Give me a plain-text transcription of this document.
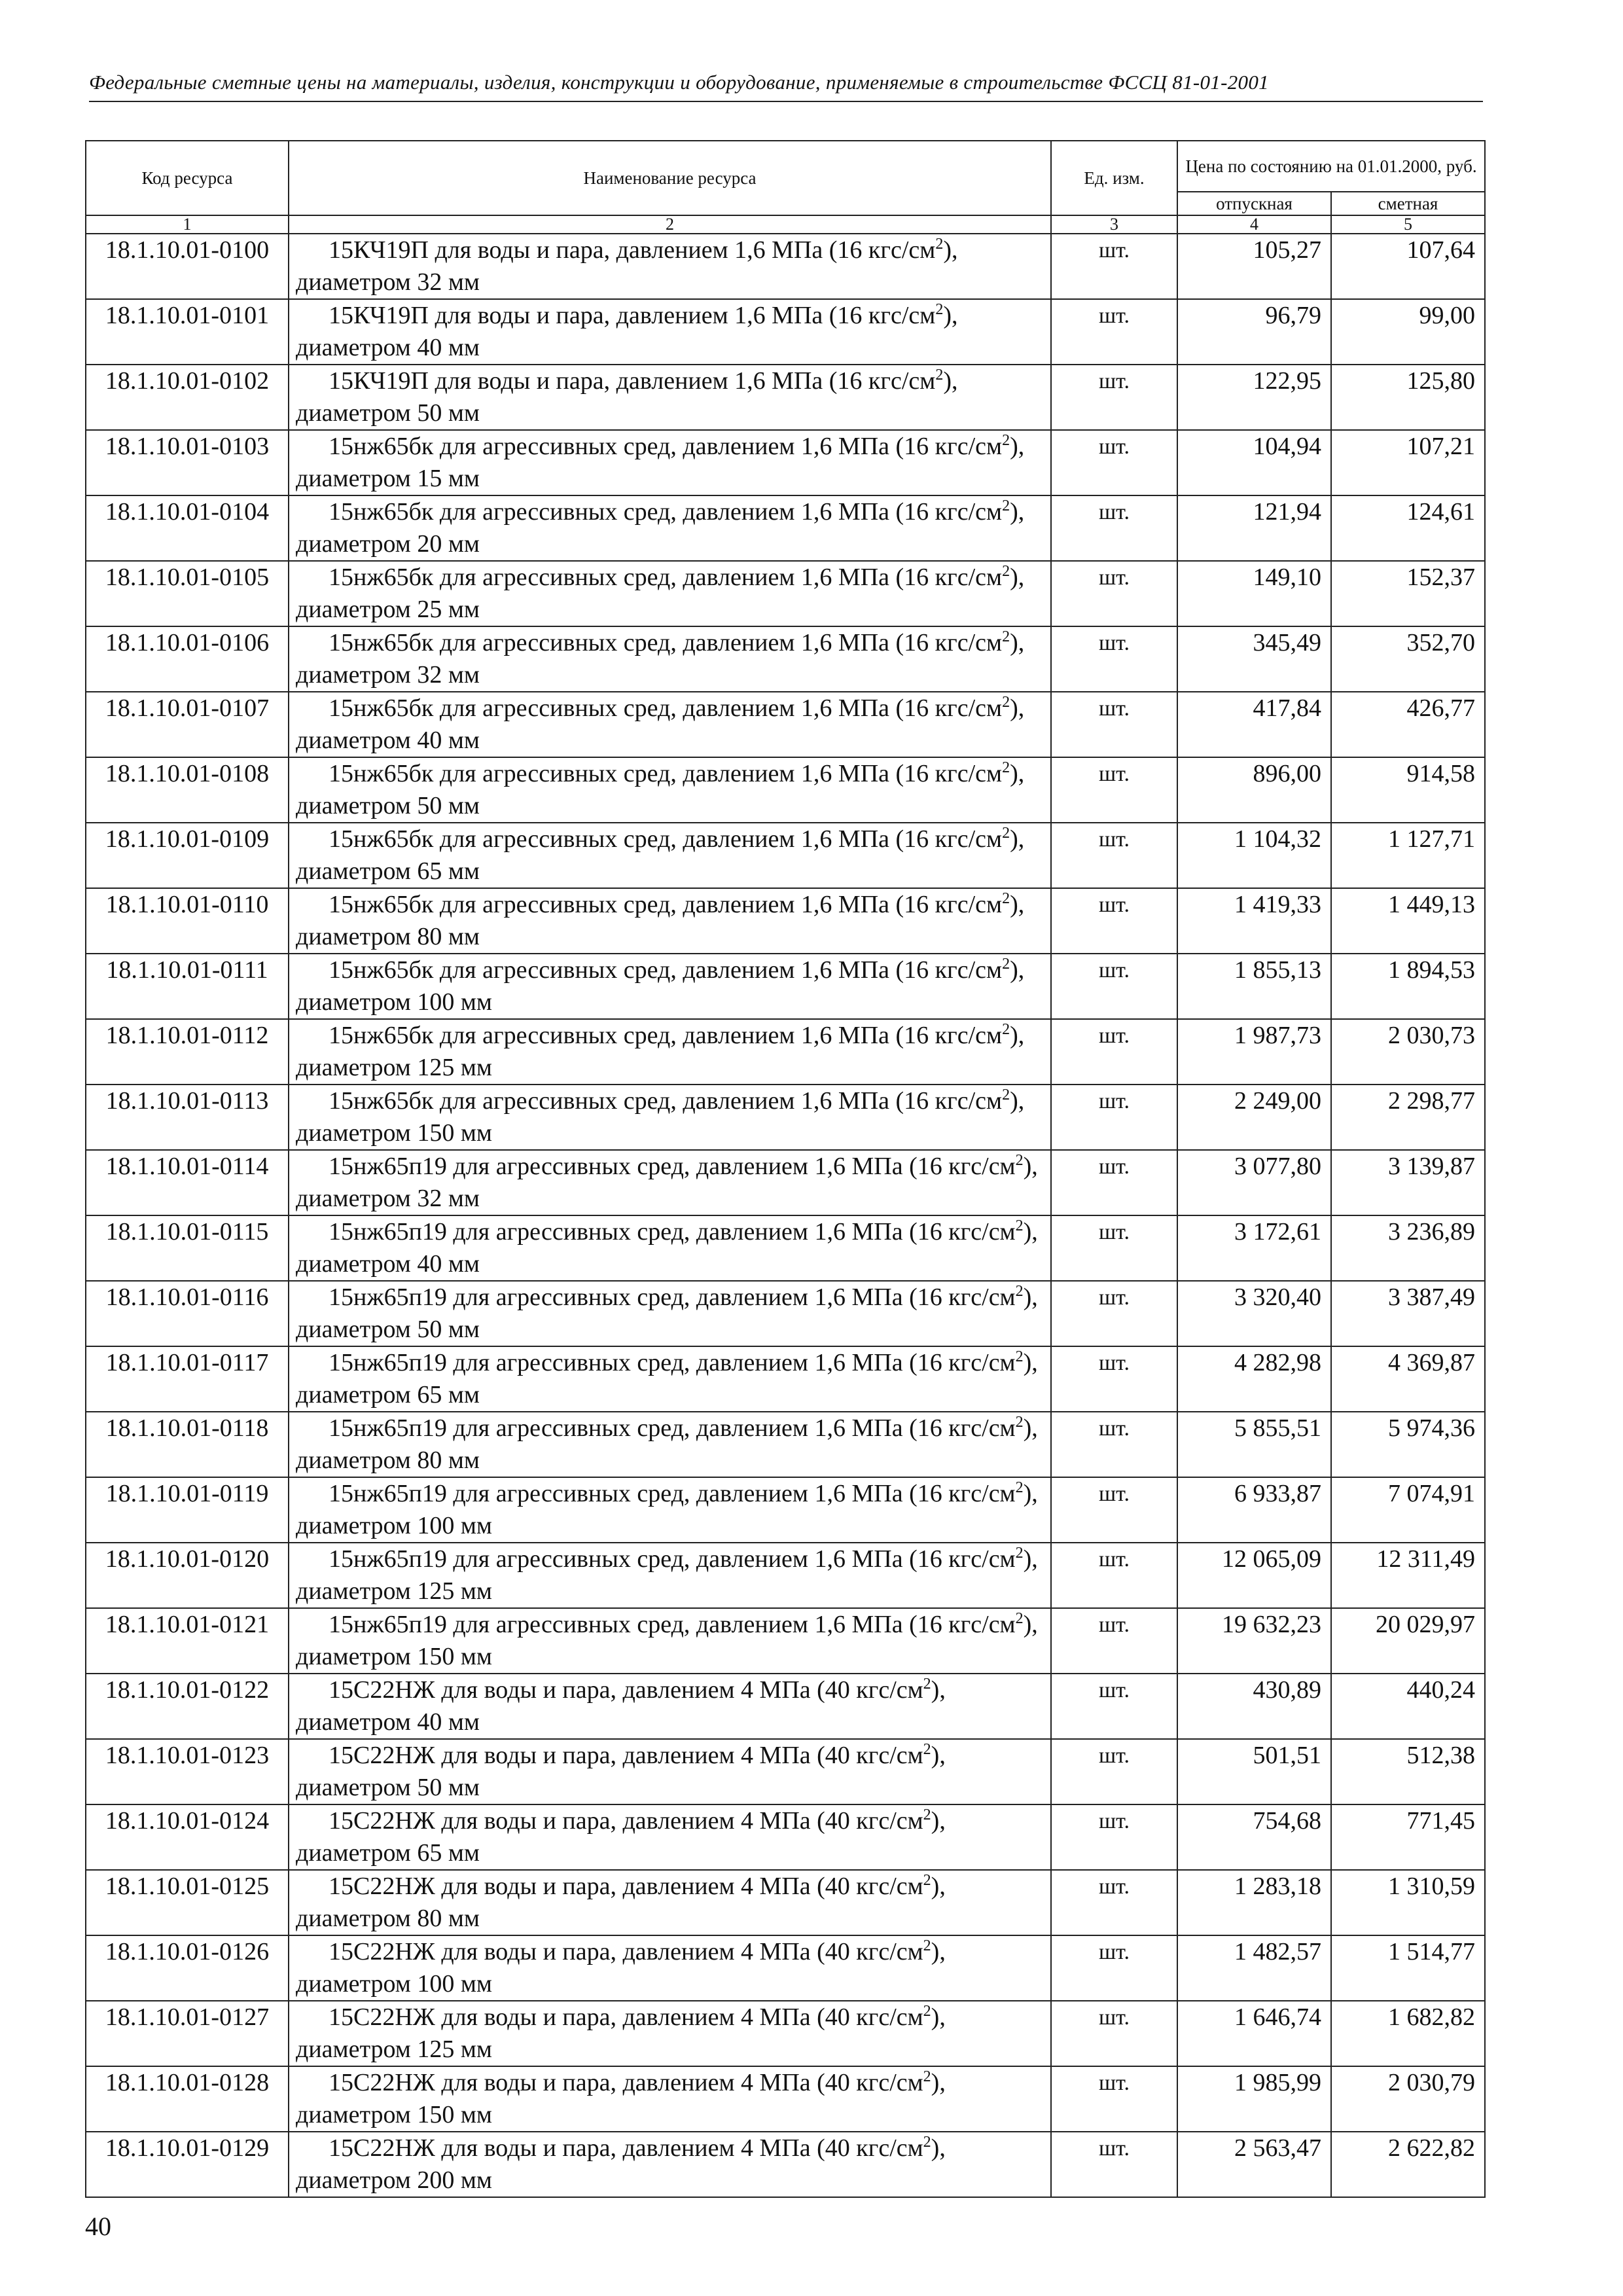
Федеральные сметные цены на материалы, изделия, конструкции и оборудование, применяемые в строительстве ФССЦ 81-01-2001
Код ресурса	Наименование ресурса	Ед. изм.	Цена по состоянию на 01.01.2000, руб.	
			отпускная	сметная
1	2	3	4	5
18.1.10.01-0100	15КЧ19П для воды и пара, давлением 1,6 МПа (16 кгс/$см^2$), диаметром 32 мм	шт.	105,27	107,64
18.1.10.01-0101	15КЧ19П для воды и пара, давлением 1,6 МПа (16 кгс/$см^2$), диаметром 40 мм	шт.	96,79	99,00
18.1.10.01-0102	15КЧ19П для воды и пара, давлением 1,6 МПа (16 кгс/$см^2$), диаметром 50 мм	шт.	122,95	125,80
18.1.10.01-0103	15нж65бк для агрессивных сред, давлением 1,6 МПа (16 кгс/$см^2$), диаметром 15 мм	шт.	104,94	107,21
18.1.10.01-0104	15нж65бк для агрессивных сред, давлением 1,6 МПа (16 кгс/$см^2$), диаметром 20 мм	шт.	121,94	124,61
18.1.10.01-0105	15нж65бк для агрессивных сред, давлением 1,6 МПа (16 кгс/$см^2$), диаметром 25 мм	шт.	149,10	152,37
18.1.10.01-0106	15нж65бк для агрессивных сред, давлением 1,6 МПа (16 кгс/$см^2$), диаметром 32 мм	шт.	345,49	352,70
18.1.10.01-0107	15нж65бк для агрессивных сред, давлением 1,6 МПа (16 кгс/$см^2$), диаметром 40 мм	шт.	417,84	426,77
18.1.10.01-0108	15нж65бк для агрессивных сред, давлением 1,6 МПа (16 кгс/$см^2$), диаметром 50 мм	шт.	896,00	914,58
18.1.10.01-0109	15нж65бк для агрессивных сред, давлением 1,6 МПа (16 кгс/$см^2$), диаметром 65 мм	шт.	1 104,32	1 127,71
18.1.10.01-0110	15нж65бк для агрессивных сред, давлением 1,6 МПа (16 кгс/$см^2$), диаметром 80 мм	шт.	1 419,33	1 449,13
18.1.10.01-0111	15нж65бк для агрессивных сред, давлением 1,6 МПа (16 кгс/$см^2$), диаметром 100 мм	шт.	1 855,13	1 894,53
18.1.10.01-0112	15нж65бк для агрессивных сред, давлением 1,6 МПа (16 кгс/$см^2$), диаметром 125 мм	шт.	1 987,73	2 030,73
18.1.10.01-0113	15нж65бк для агрессивных сред, давлением 1,6 МПа (16 кгс/$см^2$), диаметром 150 мм	шт.	2 249,00	2 298,77
18.1.10.01-0114	15нж65п19 для агрессивных сред, давлением 1,6 МПа (16 кгс/$см^2$), диаметром 32 мм	шт.	3 077,80	3 139,87
18.1.10.01-0115	15нж65п19 для агрессивных сред, давлением 1,6 МПа (16 кгс/$см^2$), диаметром 40 мм	шт.	3 172,61	3 236,89
18.1.10.01-0116	15нж65п19 для агрессивных сред, давлением 1,6 МПа (16 кгс/$см^2$), диаметром 50 мм	шт.	3 320,40	3 387,49
18.1.10.01-0117	15нж65п19 для агрессивных сред, давлением 1,6 МПа (16 кгс/$см^2$), диаметром 65 мм	шт.	4 282,98	4 369,87
18.1.10.01-0118	15нж65п19 для агрессивных сред, давлением 1,6 МПа (16 кгс/$см^2$), диаметром 80 мм	шт.	5 855,51	5 974,36
18.1.10.01-0119	15нж65п19 для агрессивных сред, давлением 1,6 МПа (16 кгс/$см^2$), диаметром 100 мм	шт.	6 933,87	7 074,91
18.1.10.01-0120	15нж65п19 для агрессивных сред, давлением 1,6 МПа (16 кгс/$см^2$), диаметром 125 мм	шт.	12 065,09	12 311,49
18.1.10.01-0121	15нж65п19 для агрессивных сред, давлением 1,6 МПа (16 кгс/$см^2$), диаметром 150 мм	шт.	19 632,23	20 029,97
18.1.10.01-0122	15С22НЖ для воды и пара, давлением 4 МПа (40 кгс/$см^2$), диаметром 40 мм	шт.	430,89	440,24
18.1.10.01-0123	15С22НЖ для воды и пара, давлением 4 МПа (40 кгс/$см^2$), диаметром 50 мм	шт.	501,51	512,38
18.1.10.01-0124	15С22НЖ для воды и пара, давлением 4 МПа (40 кгс/$см^2$), диаметром 65 мм	шт.	754,68	771,45
18.1.10.01-0125	15С22НЖ для воды и пара, давлением 4 МПа (40 кгс/$см^2$), диаметром 80 мм	шт.	1 283,18	1 310,59
18.1.10.01-0126	15С22НЖ для воды и пара, давлением 4 МПа (40 кгс/$см^2$), диаметром 100 мм	шт.	1 482,57	1 514,77
18.1.10.01-0127	15С22НЖ для воды и пара, давлением 4 МПа (40 кгс/$см^2$), диаметром 125 мм	шт.	1 646,74	1 682,82
18.1.10.01-0128	15С22НЖ для воды и пара, давлением 4 МПа (40 кгс/$см^2$), диаметром 150 мм	шт.	1 985,99	2 030,79
18.1.10.01-0129	15С22НЖ для воды и пара, давлением 4 МПа (40 кгс/$см^2$), диаметром 200 мм	шт.	2 563,47	2 622,82
40
